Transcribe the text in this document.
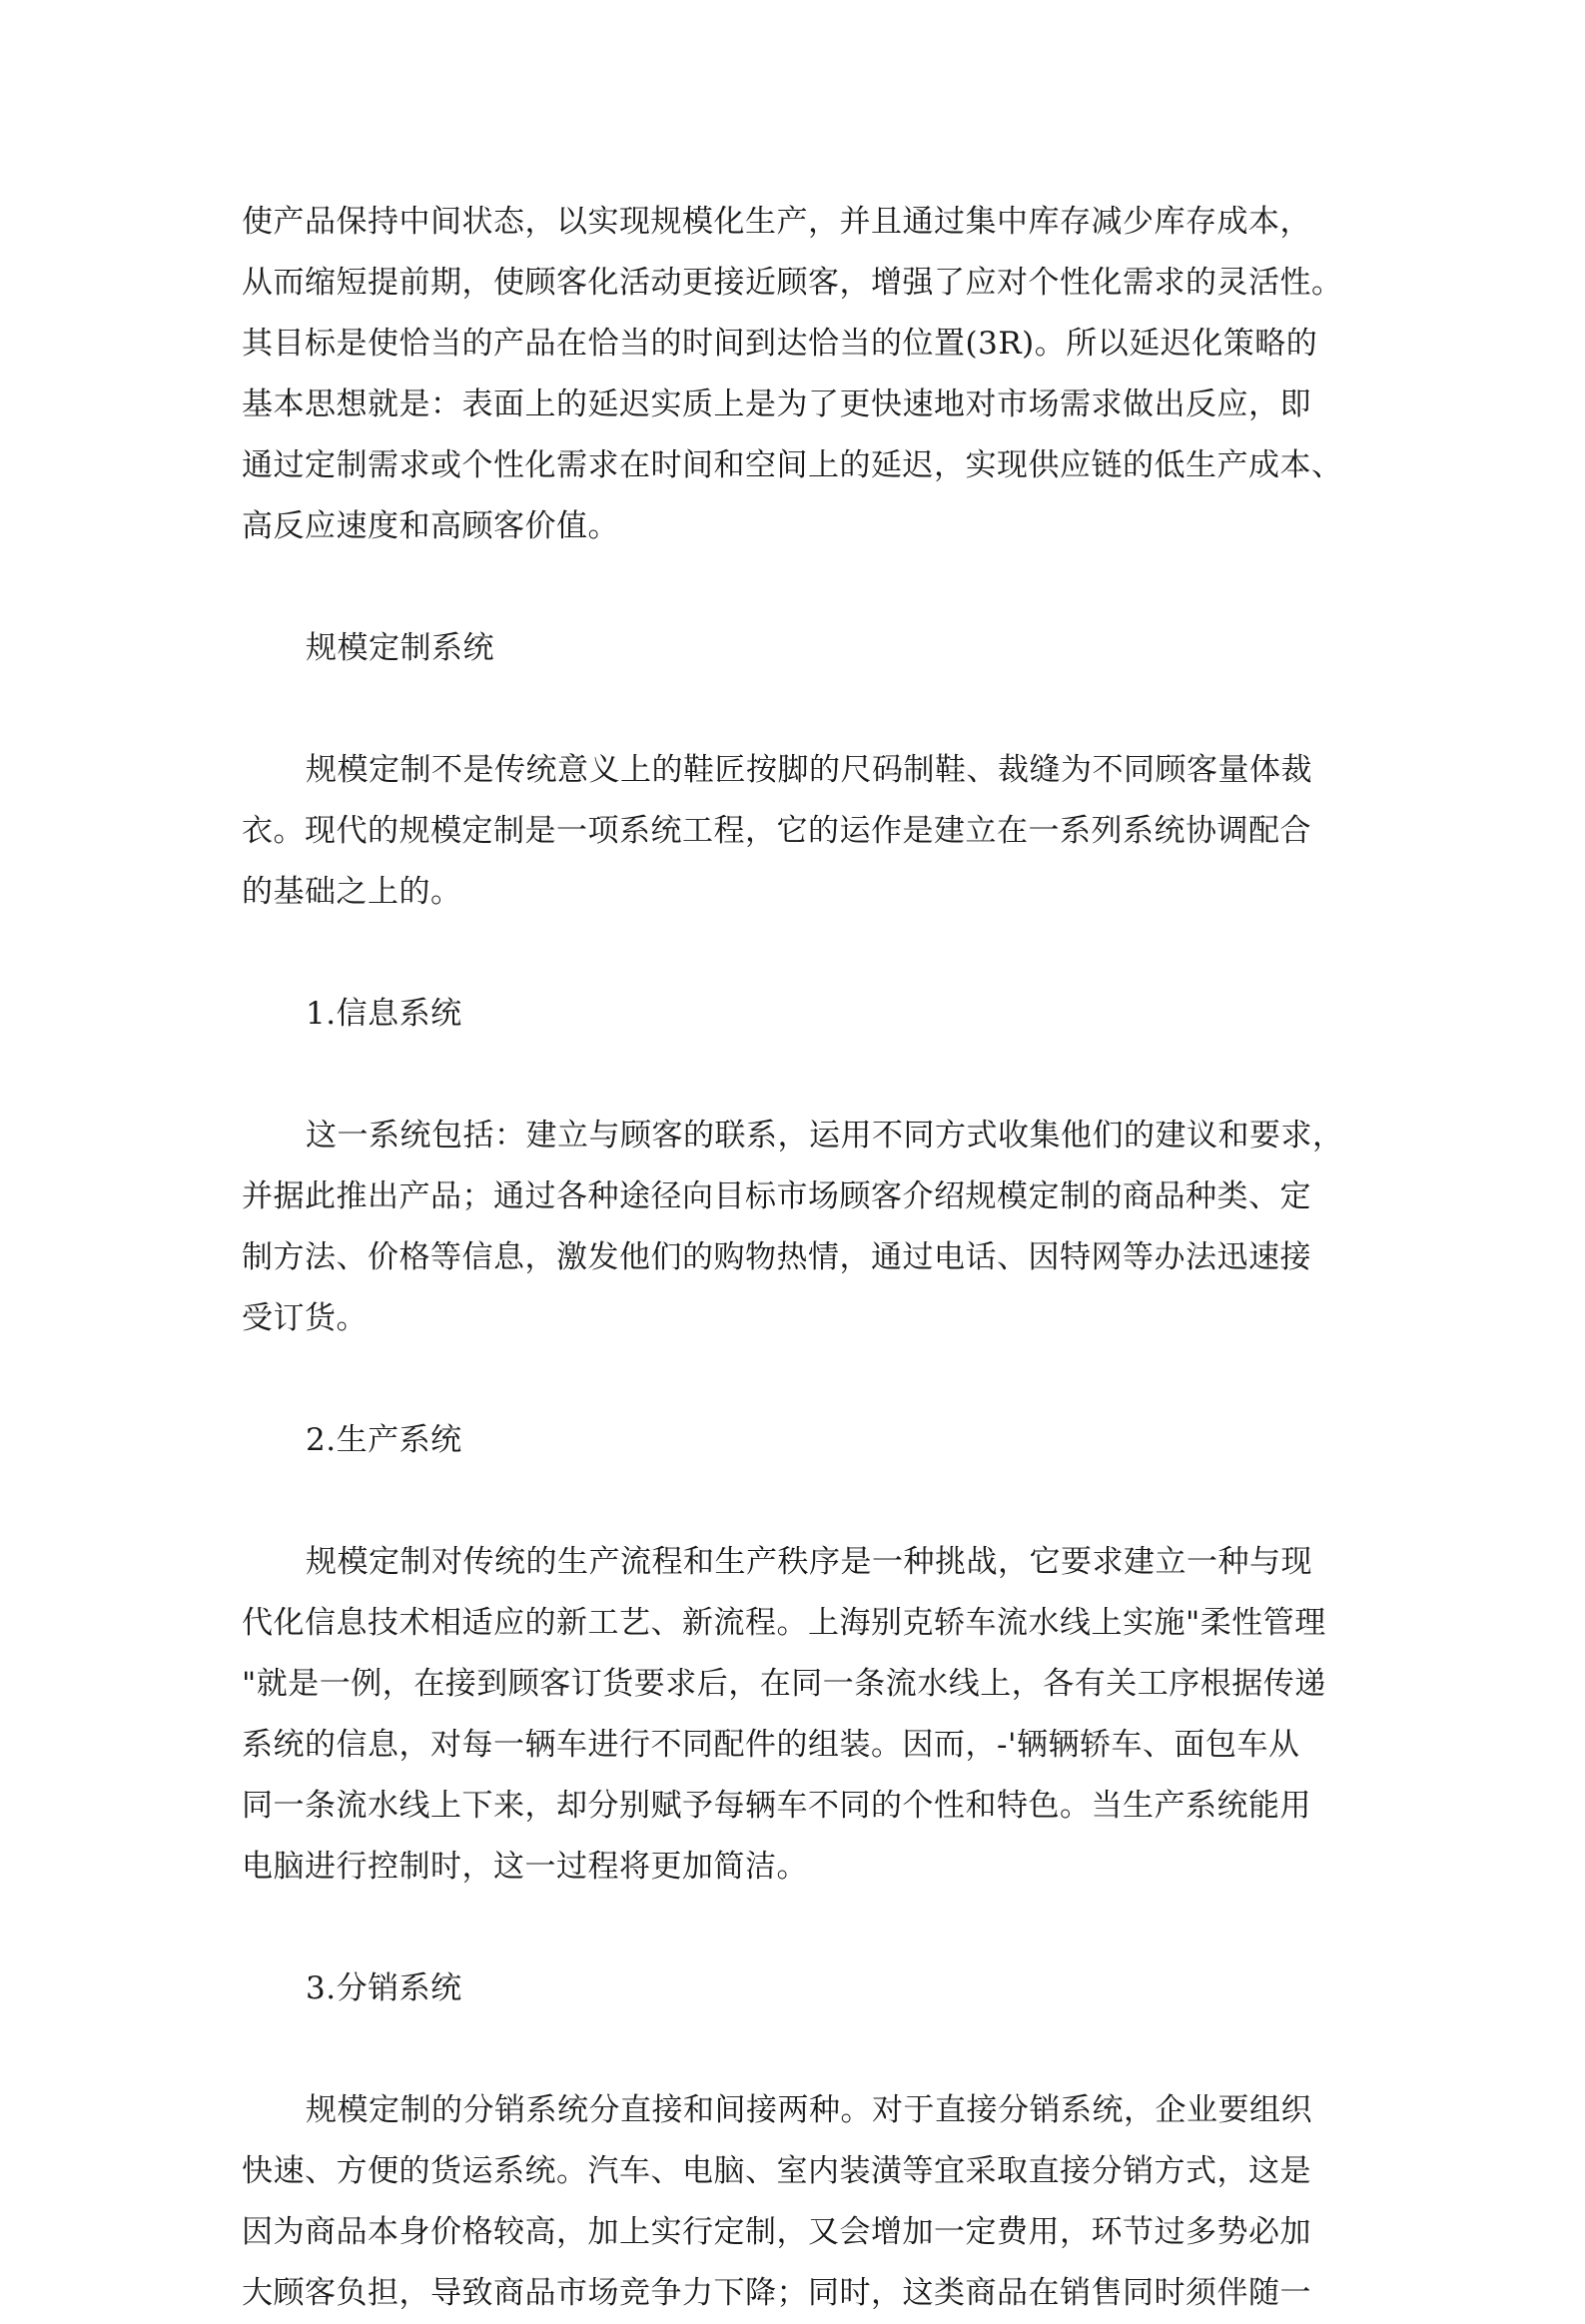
使产品保持中间状态，以实现规模化生产，并且通过集中库存减少库存成本，
从而缩短提前期，使顾客化活动更接近顾客，增强了应对个性化需求的灵活性。
其目标是使恰当的产品在恰当的时间到达恰当的位置(3R)。所以延迟化策略的
基本思想就是：表面上的延迟实质上是为了更快速地对市场需求做出反应，即
通过定制需求或个性化需求在时间和空间上的延迟，实现供应链的低生产成本、
高反应速度和高顾客价值。
规模定制系统
规模定制不是传统意义上的鞋匠按脚的尺码制鞋、裁缝为不同顾客量体裁
衣。现代的规模定制是一项系统工程，它的运作是建立在一系列系统协调配合
的基础之上的。
1.信息系统
这一系统包括：建立与顾客的联系，运用不同方式收集他们的建议和要求，
并据此推出产品；通过各种途径向目标市场顾客介绍规模定制的商品种类、定
制方法、价格等信息，激发他们的购物热情，通过电话、因特网等办法迅速接
受订货。
2.生产系统
规模定制对传统的生产流程和生产秩序是一种挑战，它要求建立一种与现
代化信息技术相适应的新工艺、新流程。上海别克轿车流水线上实施"柔性管理
"就是一例，在接到顾客订货要求后，在同一条流水线上，各有关工序根据传递
系统的信息，对每一辆车进行不同配件的组装。因而，-'辆辆轿车、面包车从
同一条流水线上下来，却分别赋予每辆车不同的个性和特色。当生产系统能用
电脑进行控制时，这一过程将更加简洁。
3.分销系统
规模定制的分销系统分直接和间接两种。对于直接分销系统，企业要组织
快速、方便的货运系统。汽车、电脑、室内装潢等宜采取直接分销方式，这是
因为商品本身价格较高，加上实行定制，又会增加一定费用，环节过多势必加
大顾客负担，导致商品市场竞争力下降；同时，这类商品在销售同时须伴随一
